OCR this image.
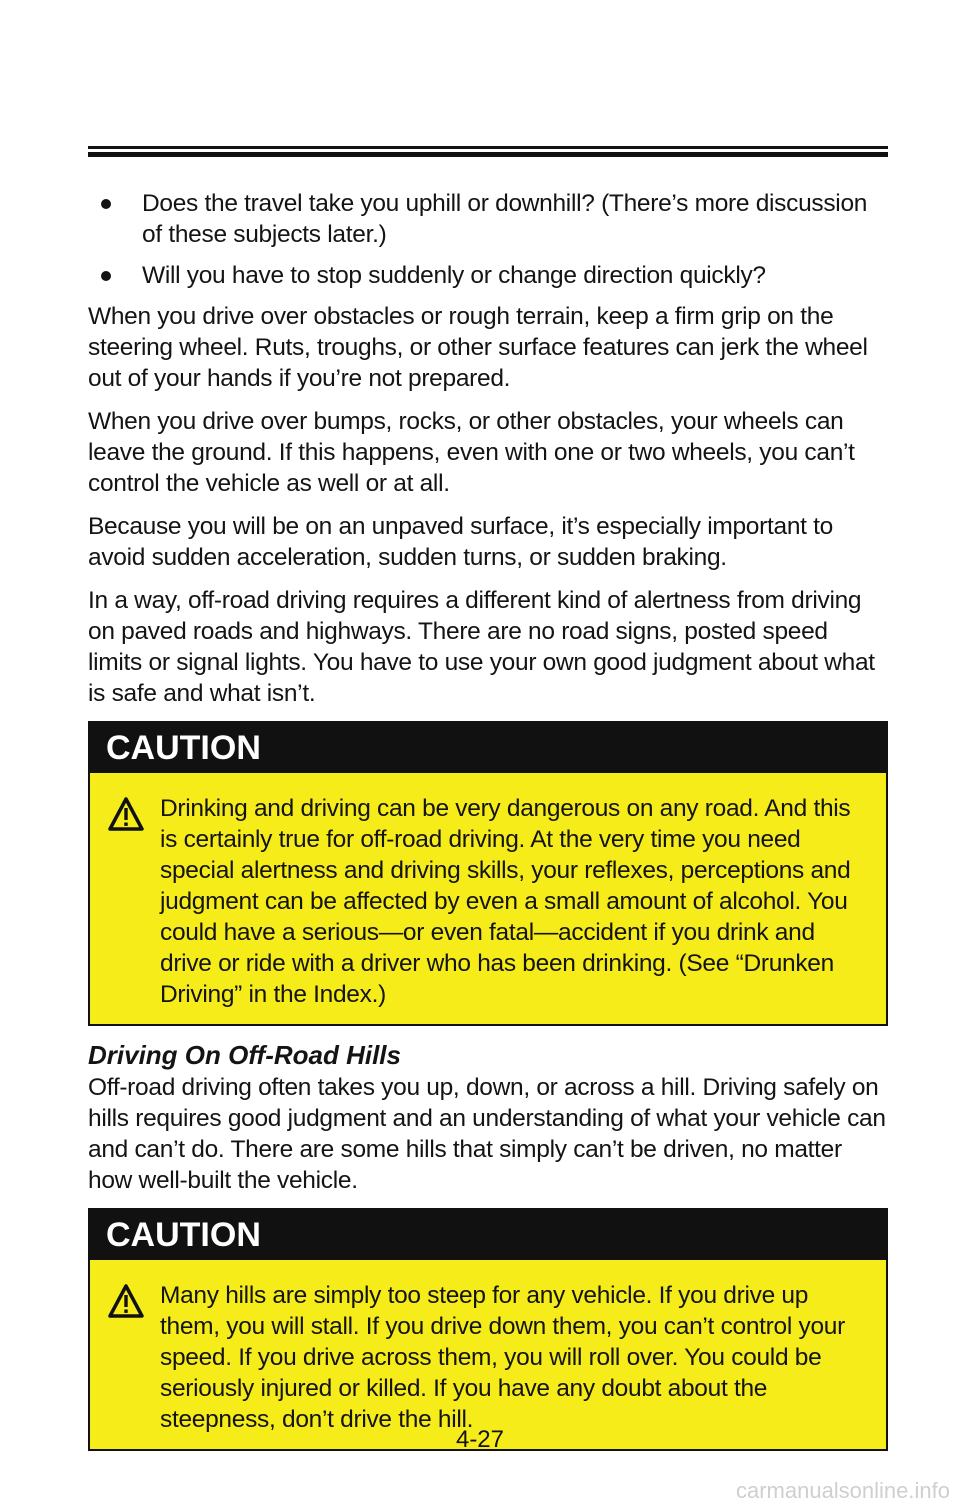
Does the travel take you uphill or downhill? (There’s more discussion of these subjects later.)
Will you have to stop suddenly or change direction quickly?

When you drive over obstacles or rough terrain, keep a firm grip on the steering wheel. Ruts, troughs, or other surface features can jerk the wheel out of your hands if you’re not prepared.

When you drive over bumps, rocks, or other obstacles, your wheels can leave the ground. If this happens, even with one or two wheels, you can’t control the vehicle as well or at all.

Because you will be on an unpaved surface, it’s especially important to avoid sudden acceleration, sudden turns, or sudden braking.

In a way, off-road driving requires a different kind of alertness from driving on paved roads and highways. There are no road signs, posted speed limits or signal lights. You have to use your own good judgment about what is safe and what isn’t.

CAUTION
Drinking and driving can be very dangerous on any road. And this is certainly true for off-road driving. At the very time you need special alertness and driving skills, your reflexes, perceptions and judgment can be affected by even a small amount of alcohol. You could have a serious—or even fatal—accident if you drink and drive or ride with a driver who has been drinking. (See “Drunken Driving” in the Index.)
Driving On Off-Road Hills

Off-road driving often takes you up, down, or across a hill. Driving safely on hills requires good judgment and an understanding of what your vehicle can and can’t do. There are some hills that simply can’t be driven, no matter how well-built the vehicle.

CAUTION
Many hills are simply too steep for any vehicle. If you drive up them, you will stall. If you drive down them, you can’t control your speed. If you drive across them, you will roll over. You could be seriously injured or killed. If you have any doubt about the steepness, don’t drive the hill.
4-27
carmanualsonline.info
